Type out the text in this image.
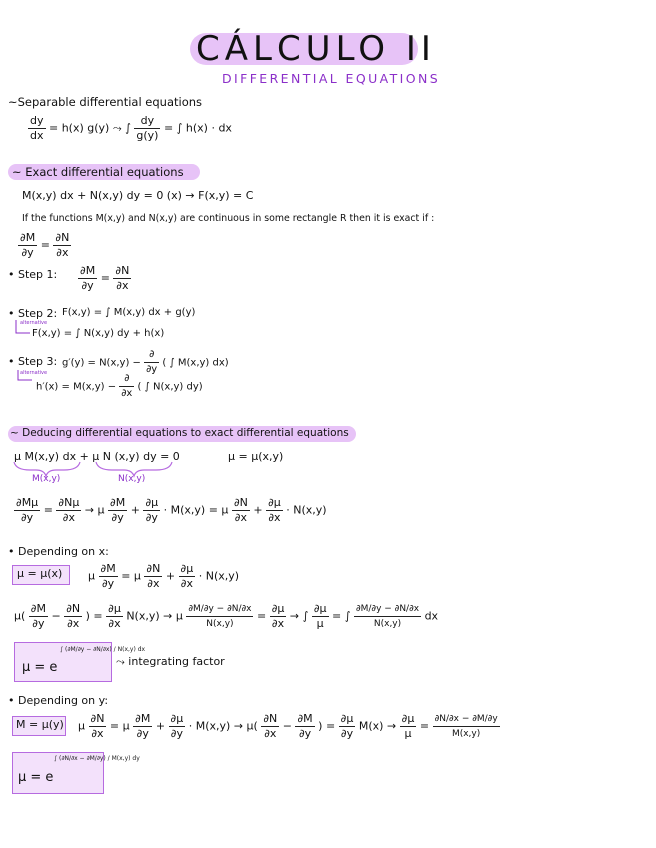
CÁLCULO II
DIFFERENTIAL EQUATIONS
~Separable differential equations
$\frac{dy}{dx} = h(x)$ g(y) ⤳ ∫ $\frac{dy}{g(y)}$ = ∫ h(x) · dx
~ Exact differential equations
M(x,y) dx + N(x,y) dy = 0 (x) → F(x,y) = C
If the functions M(x,y) and N(x,y) are continuous in some rectangle R then it is exact if :
$\frac{\partial M}{\partial y} = \frac{\partial N}{\partial x}$
• Step 1: $\frac{\partial M}{\partial y} = \frac{\partial N}{\partial x}$
• Step 2: F(x,y) = ∫ M(x,y) dx + g(y)
alternative
F(x,y) = ∫ N(x,y) dy + h(x)
• Step 3: $g'(y) = N(x,y) - \frac{\partial}{\partial y}$ ( ∫ M(x,y) dx)
alternative
$h'(x) = M(x,y) - \frac{\partial}{\partial x}$ ( ∫ N(x,y) dy)
~ Deducing differential equations to exact differential equations
μ M(x,y) dx + μ N (x,y) dy = 0	μ = μ(x,y)
M(x,y)	N(x,y)
$\frac{\partial M\mu}{\partial y} = \frac{\partial N\mu}{\partial x} \to \mu \frac{\partial M}{\partial y} + \frac{\partial\mu}{\partial y} \cdot M(x,y) = \mu \frac{\partial N}{\partial x} + \frac{\partial\mu}{\partial x} \cdot N(x,y)$
• Depending on x:
μ = μ(x) μ $\frac{\partial M}{\partial y} = \mu \frac{\partial N}{\partial x} + \frac{\partial\mu}{\partial x} \cdot N(x,y)$
$\mu( \frac{\partial M}{\partial y} - \frac{\partial N}{\partial x}$ ) = $\frac{\partial\mu}{\partial x} N(x,y) \to \mu \frac{\partial M/\partial y - \partial N/\partial x}{N(x,y)} = \frac{\partial\mu}{\partial x}$ → ∫ $\frac{\partial\mu}{\mu}$ = ∫ $\frac{\partial M/\partial y - \partial N/\partial x}{N(x,y)}$ dx
μ = e
∫ (∂M/∂y − ∂N/∂x) / N(x,y) dx
⤳ integrating factor
• Depending on y:
M = μ(y) μ $\frac{\partial N}{\partial x} = \mu \frac{\partial M}{\partial y} + \frac{\partial\mu}{\partial y} \cdot M(x,y) \to \mu( \frac{\partial N}{\partial x} - \frac{\partial M}{\partial y}$ ) = $\frac{\partial\mu}{\partial y} M(x) \to \frac{\partial\mu}{\mu} = \frac{\partial N/\partial x - \partial M/\partial y}{M(x,y)}$
μ = e
∫ (∂N/∂x − ∂M/∂y) / M(x,y) dy
